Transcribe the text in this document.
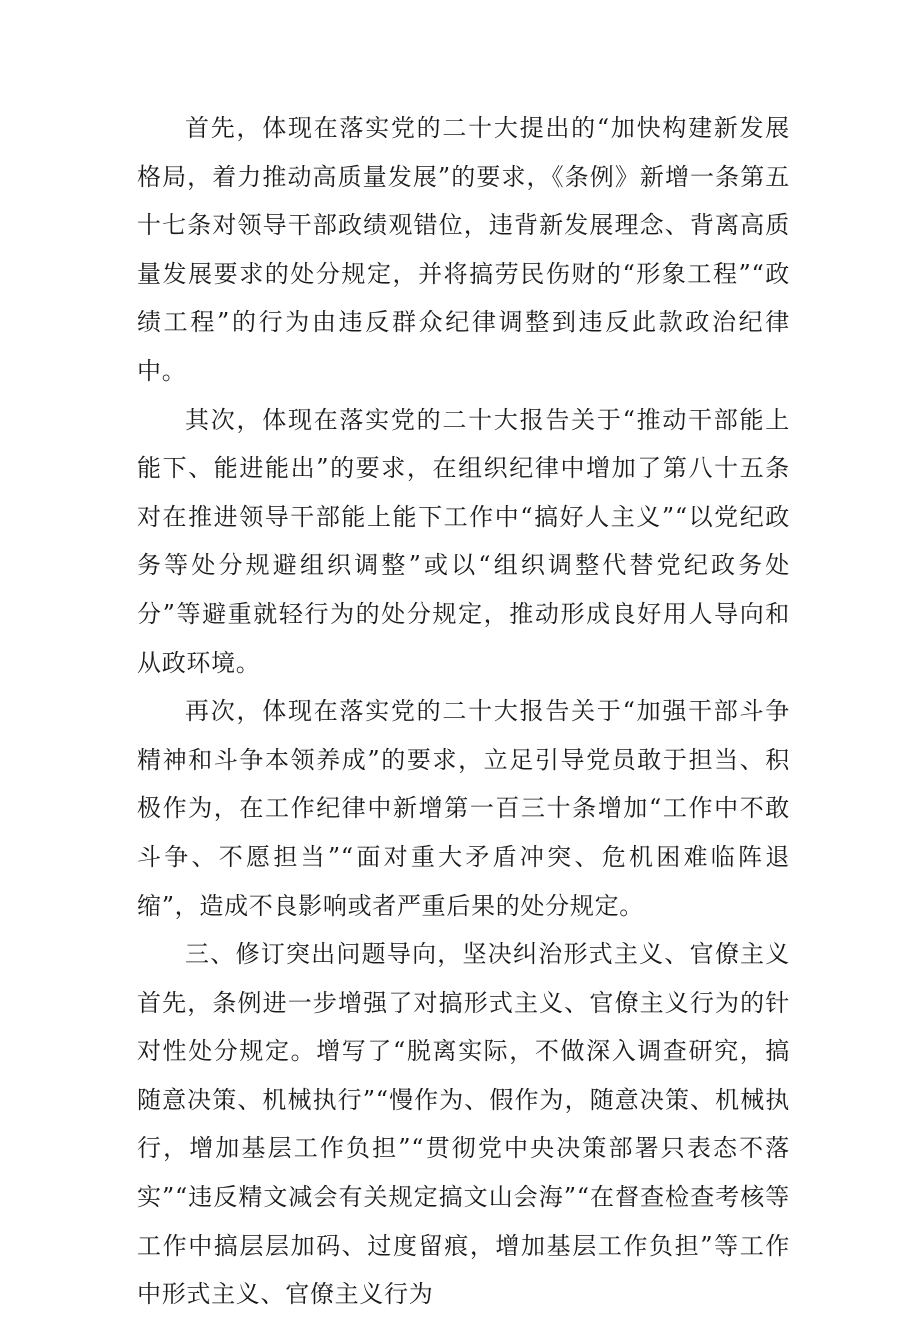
首先，体现在落实党的二十大提出的“加快构建新发展格局，着力推动高质量发展”的要求，《条例》新增一条第五十七条对领导干部政绩观错位，违背新发展理念、背离高质量发展要求的处分规定，并将搞劳民伤财的“形象工程”“政绩工程”的行为由违反群众纪律调整到违反此款政治纪律中。

其次，体现在落实党的二十大报告关于“推动干部能上能下、能进能出”的要求，在组织纪律中增加了第八十五条对在推进领导干部能上能下工作中“搞好人主义”“以党纪政务等处分规避组织调整”或以“组织调整代替党纪政务处分”等避重就轻行为的处分规定，推动形成良好用人导向和从政环境。

再次，体现在落实党的二十大报告关于“加强干部斗争精神和斗争本领养成”的要求，立足引导党员敢于担当、积极作为，在工作纪律中新增第一百三十条增加“工作中不敢斗争、不愿担当”“面对重大矛盾冲突、危机困难临阵退缩”，造成不良影响或者严重后果的处分规定。

三、修订突出问题导向，坚决纠治形式主义、官僚主义首先，条例进一步增强了对搞形式主义、官僚主义行为的针对性处分规定。增写了“脱离实际，不做深入调查研究，搞随意决策、机械执行”“慢作为、假作为，随意决策、机械执行，增加基层工作负担”“贯彻党中央决策部署只表态不落实”“违反精文减会有关规定搞文山会海”“在督查检查考核等工作中搞层层加码、过度留痕，增加基层工作负担”等工作中形式主义、官僚主义行为
